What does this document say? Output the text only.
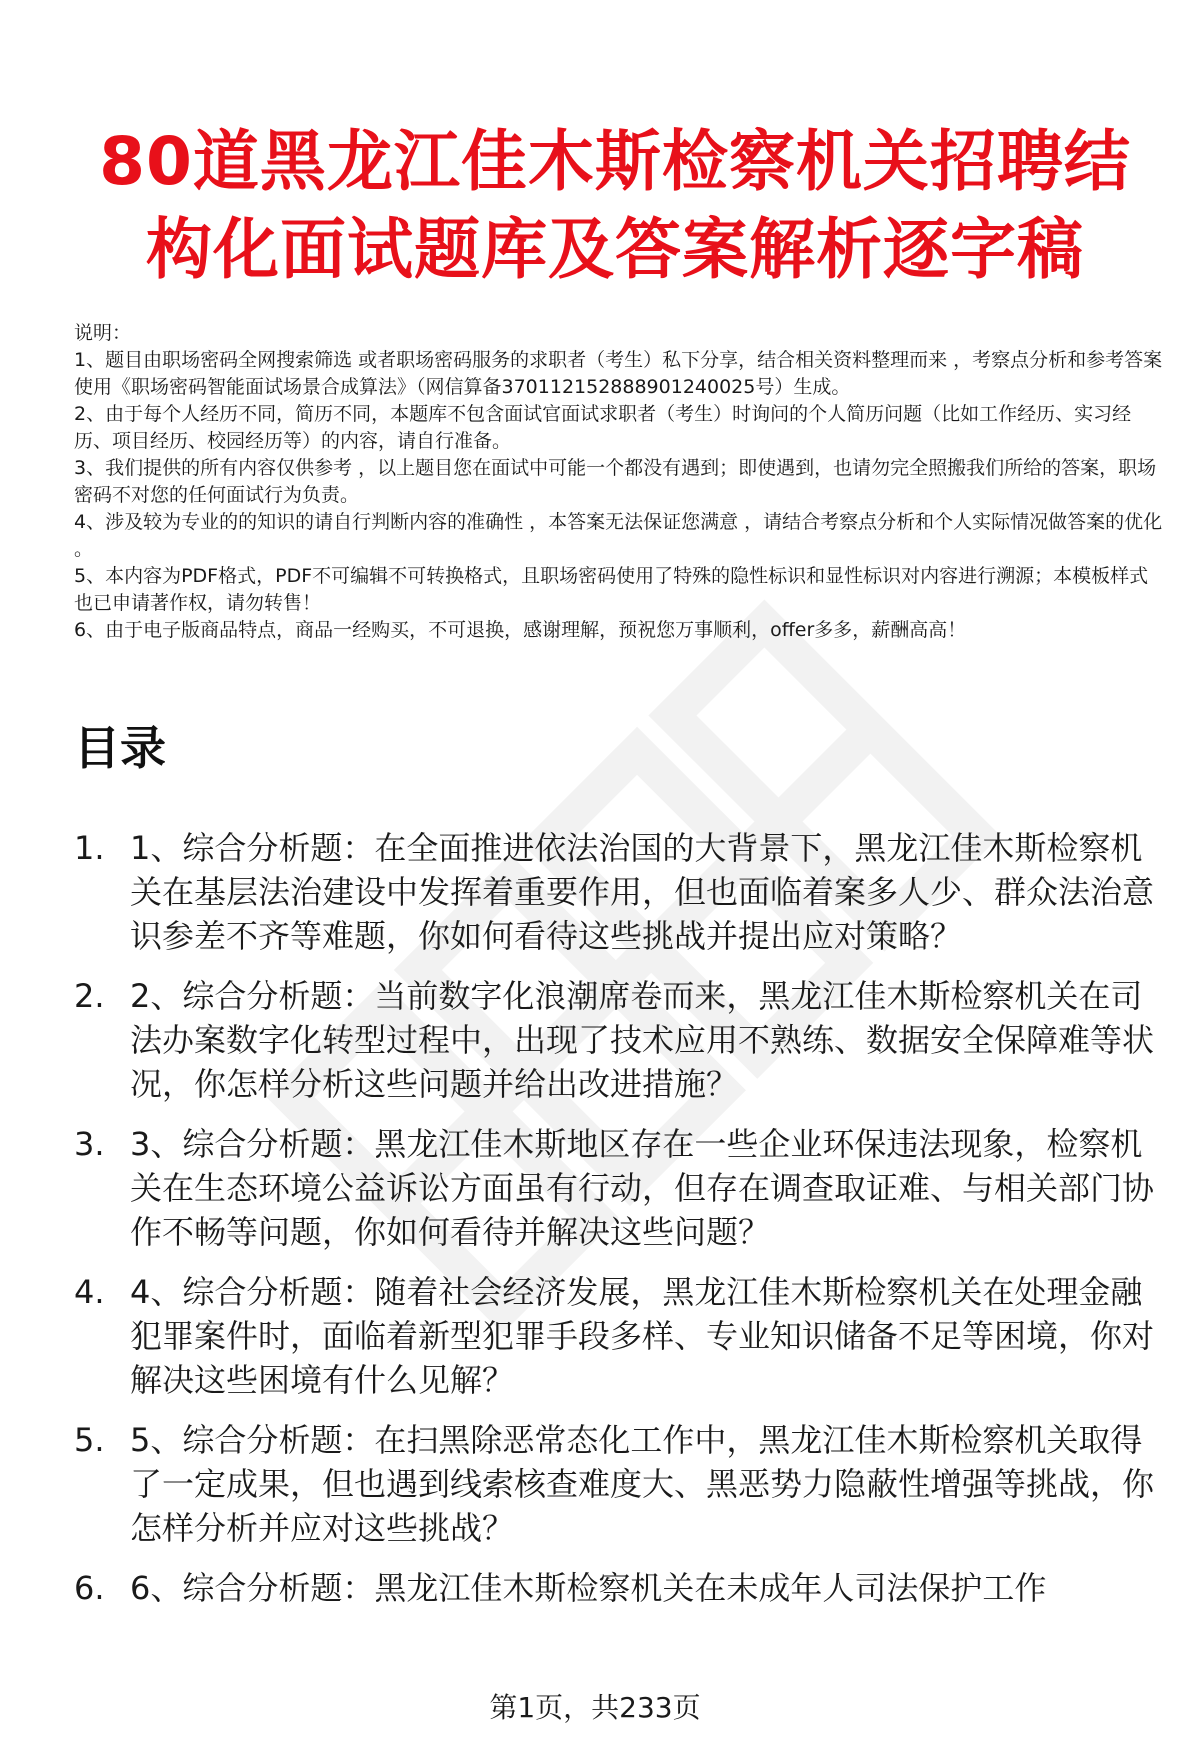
80道黑龙江佳木斯检察机关招聘结构化面试题库及答案解析逐字稿

说明：

1、题目由职场密码全网搜索筛选 或者职场密码服务的求职者（考生）私下分享，结合相关资料整理而来 ，考察点分析和参考答案使用《职场密码智能面试场景合成算法》（网信算备370112152888901240025号）生成。

2、由于每个人经历不同，简历不同，本题库不包含面试官面试求职者（考生）时询问的个人简历问题（比如工作经历、实习经历、项目经历、校园经历等）的内容，请自行准备。

3、我们提供的所有内容仅供参考 ，以上题目您在面试中可能一个都没有遇到；即使遇到，也请勿完全照搬我们所给的答案，职场密码不对您的任何面试行为负责。

4、涉及较为专业的的知识的请自行判断内容的准确性 ，本答案无法保证您满意 ，请结合考察点分析和个人实际情况做答案的优化 。

5、本内容为PDF格式，PDF不可编辑不可转换格式，且职场密码使用了特殊的隐性标识和显性标识对内容进行溯源；本模板样式也已申请著作权，请勿转售！

6、由于电子版商品特点，商品一经购买，不可退换，感谢理解，预祝您万事顺利，offer多多，薪酬高高！

目录
1. 1、综合分析题：在全面推进依法治国的大背景下，黑龙江佳木斯检察机关在基层法治建设中发挥着重要作用，但也面临着案多人少、群众法治意识参差不齐等难题，你如何看待这些挑战并提出应对策略？
2. 2、综合分析题：当前数字化浪潮席卷而来，黑龙江佳木斯检察机关在司法办案数字化转型过程中，出现了技术应用不熟练、数据安全保障难等状况，你怎样分析这些问题并给出改进措施？
3. 3、综合分析题：黑龙江佳木斯地区存在一些企业环保违法现象，检察机关在生态环境公益诉讼方面虽有行动，但存在调查取证难、与相关部门协作不畅等问题，你如何看待并解决这些问题？
4. 4、综合分析题：随着社会经济发展，黑龙江佳木斯检察机关在处理金融犯罪案件时，面临着新型犯罪手段多样、专业知识储备不足等困境，你对解决这些困境有什么见解？
5. 5、综合分析题：在扫黑除恶常态化工作中，黑龙江佳木斯检察机关取得了一定成果，但也遇到线索核查难度大、黑恶势力隐蔽性增强等挑战，你怎样分析并应对这些挑战？
6. 6、综合分析题：黑龙江佳木斯检察机关在未成年人司法保护工作
第1页，共233页
